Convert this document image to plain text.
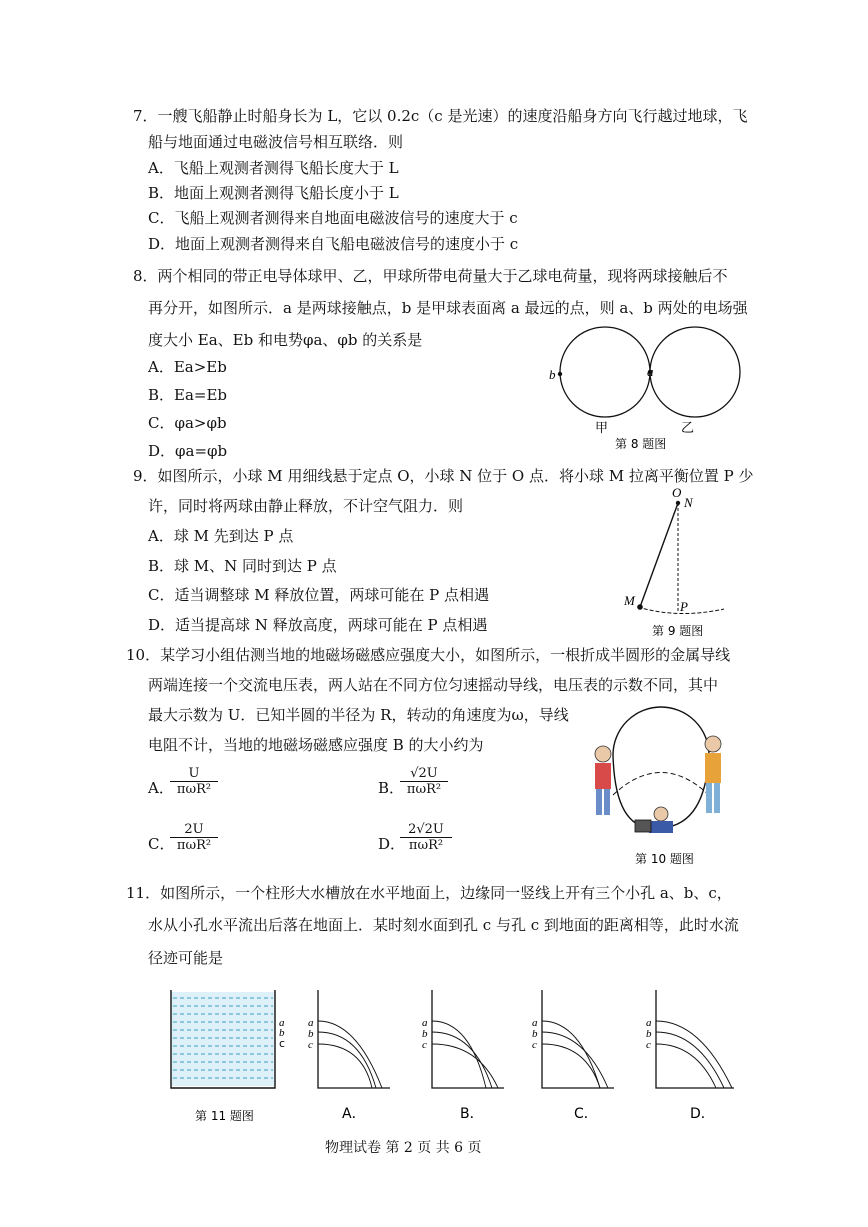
7．一艘飞船静止时船身长为 L，它以 0.2c（c 是光速）的速度沿船身方向飞行越过地球，飞
船与地面通过电磁波信号相互联络．则
A．飞船上观测者测得飞船长度大于 L
B．地面上观测者测得飞船长度小于 L
C．飞船上观测者测得来自地面电磁波信号的速度大于 c
D．地面上观测者测得来自飞船电磁波信号的速度小于 c
8．两个相同的带正电导体球甲、乙，甲球所带电荷量大于乙球电荷量，现将两球接触后不
再分开，如图所示．a 是两球接触点，b 是甲球表面离 a 最远的点，则 a、b 两处的电场强
度大小 Ea、Eb 和电势φa、φb 的关系是
A．Ea>Eb
B．Ea=Eb
C．φa>φb
D．φa=φb
b	a
甲	乙
第 8 题图
9．如图所示，小球 M 用细线悬于定点 O，小球 N 位于 O 点．将小球 M 拉离平衡位置 P 少
许，同时将两球由静止释放，不计空气阻力．则
A．球 M 先到达 P 点
B．球 M、N 同时到达 P 点
C．适当调整球 M 释放位置，两球可能在 P 点相遇
D．适当提高球 N 释放高度，两球可能在 P 点相遇
O
N
M	P
第 9 题图
10．某学习小组估测当地的地磁场磁感应强度大小，如图所示，一根折成半圆形的金属导线
两端连接一个交流电压表，两人站在不同方位匀速摇动导线，电压表的示数不同，其中
最大示数为 U．已知半圆的半径为 R，转动的角速度为ω，导线
电阻不计，当地的地磁场磁感应强度 B 的大小约为
A．
U
πωR²	B．
√2U
πωR²
C．
2U
πωR²	D．
2√2U
πωR²
第 10 题图
11．如图所示，一个柱形大水槽放在水平地面上，边缘同一竖线上开有三个小孔 a、b、c，
水从小孔水平流出后落在地面上．某时刻水面到孔 c 与孔 c 到地面的距离相等，此时水流
径迹可能是
a
b
c
第 11 题图
a
b
c
A．
a
b
c
B．
a
b
c
C．
a
b
c
D．
物理试卷 第 2 页 共 6 页
